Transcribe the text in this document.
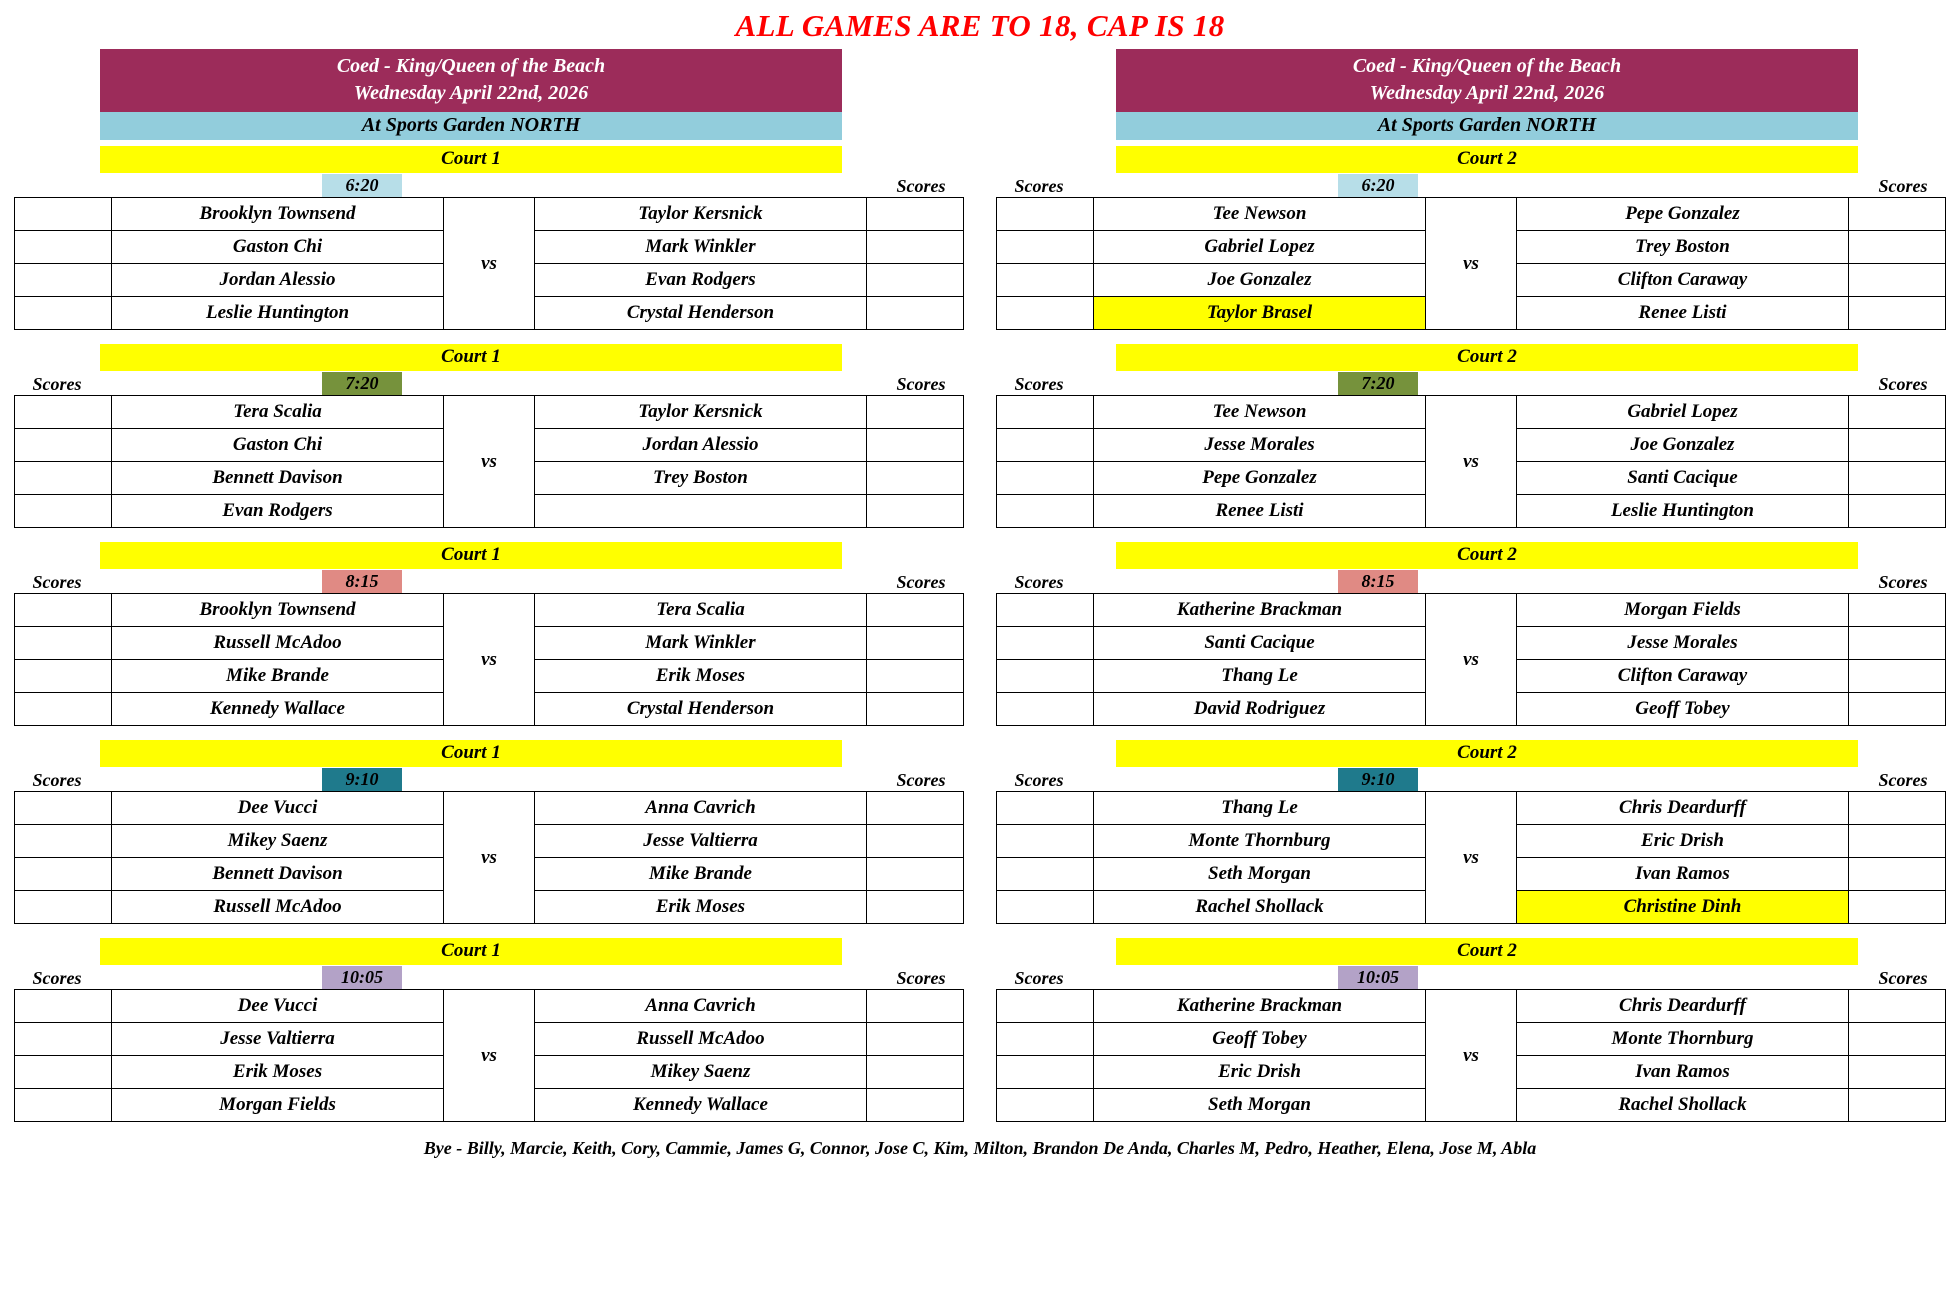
ALL GAMES ARE TO 18, CAP IS 18
Coed - King/Queen of the Beach
Wednesday April 22nd, 2026
At Sports Garden NORTH
Court 1
6:20	Scores
	Brooklyn Townsend	vs	Taylor Kersnick	
	Gaston Chi		Mark Winkler	
	Jordan Alessio		Evan Rodgers	
	Leslie Huntington		Crystal Henderson	
Court 1
Scores	7:20	Scores
	Tera Scalia	vs	Taylor Kersnick	
	Gaston Chi		Jordan Alessio	
	Bennett Davison		Trey Boston	
	Evan Rodgers			
Court 1
Scores	8:15	Scores
	Brooklyn Townsend	vs	Tera Scalia	
	Russell McAdoo		Mark Winkler	
	Mike Brande		Erik Moses	
	Kennedy Wallace		Crystal Henderson	
Court 1
Scores	9:10	Scores
	Dee Vucci	vs	Anna Cavrich	
	Mikey Saenz		Jesse Valtierra	
	Bennett Davison		Mike Brande	
	Russell McAdoo		Erik Moses	
Court 1
Scores	10:05	Scores
	Dee Vucci	vs	Anna Cavrich	
	Jesse Valtierra		Russell McAdoo	
	Erik Moses		Mikey Saenz	
	Morgan Fields		Kennedy Wallace	
Coed - King/Queen of the Beach
Wednesday April 22nd, 2026
At Sports Garden NORTH
Court 2
Scores	6:20	Scores
	Tee Newson	vs	Pepe Gonzalez	
	Gabriel Lopez		Trey Boston	
	Joe Gonzalez		Clifton Caraway	
	Taylor Brasel		Renee Listi	
Court 2
Scores	7:20	Scores
	Tee Newson	vs	Gabriel Lopez	
	Jesse Morales		Joe Gonzalez	
	Pepe Gonzalez		Santi Cacique	
	Renee Listi		Leslie Huntington	
Court 2
Scores	8:15	Scores
	Katherine Brackman	vs	Morgan Fields	
	Santi Cacique		Jesse Morales	
	Thang Le		Clifton Caraway	
	David Rodriguez		Geoff Tobey	
Court 2
Scores	9:10	Scores
	Thang Le	vs	Chris Deardurff	
	Monte Thornburg		Eric Drish	
	Seth Morgan		Ivan Ramos	
	Rachel Shollack		Christine Dinh	
Court 2
Scores	10:05	Scores
	Katherine Brackman	vs	Chris Deardurff	
	Geoff Tobey		Monte Thornburg	
	Eric Drish		Ivan Ramos	
	Seth Morgan		Rachel Shollack	
Bye - Billy, Marcie, Keith, Cory, Cammie, James G, Connor, Jose C, Kim, Milton, Brandon De Anda, Charles M, Pedro, Heather, Elena, Jose M, Abla
